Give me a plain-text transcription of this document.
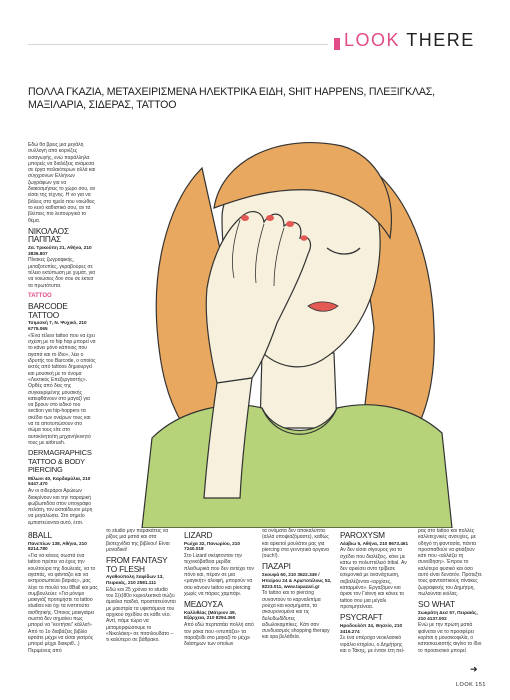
LOOK THERE
ΠΟΛΛΑ ΓΚΑΖΙΑ, ΜΕΤΑΧΕΙΡΙΣΜΕΝΑ ΗΛΕΚΤΡΙΚΑ ΕΙΔΗ, SHIT HAPPENS, ΠΛΕΞΙΓΚΛΑΣ, ΜΑΞΙΛΑΡΙΑ, ΣΙΔΕΡΑΣ, TATTOO

Εδώ θα βρεις μια μεγάλη συλλογή από κορνίζες εισαγωγής, ενώ παράλληλα μπορείς να διαλέξεις ανάμεσα σε έργα παλαιότερων αλλά και σύγχρονων Ελλήνων ζωγράφων για να διακοσμήσεις το χώρο σου, αν είσαι της τέχνης. Η νο για να βάλεις στο ημείο που νοιώθεις το κενό καθιστικό σου, αν τα βλέπεις πιο λειτουργικά το θέμα.

ΝΙΚΟΛΑΟΣ ΠΑΠΠΑΣ
Ζα. Τρικούπη 21, Αθήνα, 210 3836.807

Πίνακες ζωγραφικής, μεταξοτυπίες, γκραβούρες σε τέλειο εκτύπωση με χυμάτ, για να νοιώσεις δον σου σε έκτεσ τα πρωτότυπα.

TATTOO
BARCODE TATTOO
Τσιμισκή 7, Ν. Ψυχικό, 210 6775.065

«Ένα τέλειο tattoo που να έχει σχέση με το hip hop μπορεί να το κάνει μόνο κάποιος που αγαπά και το ίδιο», λέει ο ιδρυτής του Barcode, ο οποίος εκτός από tattoos δημιουργεί και μουσική με το όνομα «Λεκτικός Επεξεργαστής». Ορθές από δεις της συγκεκριμένης μουσικής κατεφθάνουν στο μαγαζί για να βρουν στο ειδικό του section για hip-hoppers τα σκέδιο των ονείρων τους και να τα αποτυπώσουν στο σώμα τους είτε στο αυτοκίνητο/τη μηχανή/κινητό τους με airbrush.

DERMAGRAPHICS TATTOO & BODY PIERCING
Μίλωνι 40, Καρδαμύλια, 210 5447.470

Αν οι σιδεράροι Αρώεων διακρίνουν και την παραμική φωβωπιδόα στον υπογράφο πελάτη, τον εκπαίδευον μέρη να μεγαλώσει. Στο σημείο εμπιστεύονται αυτό, έτσι.

8BALL
Πανεπίων 138, Αθήνα, 210 8214.780

«Για να κάνεις σωστά ένα tattoo πρέπει να έχεις την κουλτούρα της δουλειάς, να το αγαπάς, να φάνταζει και να εκπροσωπεύει βαριάς», μας λέγε το πουλό του 8Ball και μας συμβουλεύει: «Για μόνιμο μακιγιάζ προτιμήστε τα tattoo studios και όχι τα ινστιτούτα αισθητικής. Όποιος μακιγιάρει σωστά δεν σημαίνει πως μπορεί να “κεντήσει” κάλλα!» Από το 1o διαβάζεις βιβλίο εφτιάτε μέχρι να είσαι γιατρός μπορεί μέχρι διακριθ...) Περιμένεις από

το studio μην παρακάτεις να ρίξεις μια ματιά και στα βιοτεχνίδια της βιβλιου! Είναι μοναδικό!

FROM FANTASY TO FLESH
Αγαθούπολη Ξαφίδων 13, Πειραιάς, 210 2581.111

Εδώ και 25 χρόνια το studio του Σ(ε)80ο κυριολεκτικά σώζει άμιαλια παιδιά, προστατεύονται με μαεστρία τα υφιστάμενα του αρχικού σχεδίου σε κάθε νέο. Αντί, πάμε τώρα να μεταμορφώσουμε το «Νικολάκη» σε πιτσιλουδάτο – τι καλύτερο σε βάθρακο.

LIZARD
Ρωίχα 32, Πανωρίου, 210 7240.018

Στο Lizard σκέφτονταν την τεχνικόβαθεια μερίδα πλειθωρικά που δεν αντέχει τον πόνο και, πέραν σε μια «μαγικήτ» αλοιφή, μπορούν να σου κάνουν tattoo και piercing χωρίς να πάρεις χαμπάρι.

ΜΕΔΟΥΣΑ
Καλλιθέας (Μάτριον 49, Εξάρχεια, 210 8294.360

Από εδώ περπατάει πολλή από τον ρόκα που «ντυπάζει» τα παραξείδι στο μαγαζί το μέχρι διάσημων των οποίων

τα ονόματα δεν αποκαλύπτει (αλλά υποψιαζόμαστε), καθώς και αρκετοί μουλάτοι μας για piercing στα γεννητικά όργανα (ouch!).

ΠΑΖΑΡΙ
Σκουφά 60, 210 3622.349 / Ηπείρου 24 & Αριστοτέλους 52, 8223.011, www.tapazari.gr

To tattoo και το piercing συναντούν το καρναλιπίμα ρούχα και κοσμήματα, τα σκουρονομένα και τις δυλυδωδίδυτες ειδωλοκαμπίκες. Κάτι σαν συνδυασμός shopping therapy και spa βελάθεία.

PAROXYSM
Λέαβιω 5, Αθήνα, 210 8673.461

Αν δεν είσαι σίγουρος για το σχέδιο που διαλέξεις, κάνε με κάτω το πολυπτέλειό tribal. Αν δεν αρκέσει αντο τρίβεσε εσεμονικά με ανανάχτωση, σεβαλέζονται «αρχίσες, καταρμένο». Εργαζόμεν και άρισε τον Γιάννη και κάνεε το tattoo σου μια μέγαλι προτιμητείνεια.

PSYCRAFT
Ηροδουλόπ 34, Θησείο, 210 3416.274

Σε ένα υπέροχα νεοκλασικό νιράλιο κτηρίου, ο Δημήτρης και ο Τάκης, με ένταν έτη πεί-

ρας στο tattoo και πολλές καλλιτεχνικές ανσυχίες, με οδηγό τη φαντασία, πάντα προσπαθούν να φτιάξουν κάτι που «αλλάζει τη συνείδηση». Έπρου το καλύτερο φυσικό και όσο αυτό είναι δυνατόν. Πρότεξτε τους φανταστικούς πίνακες ζωγραφικής του Δημήτρη, πωλούνται κιόλας.

SO WHAT
Σωκράτη Δεσ 57, Πειραιάς, 210 4137.002

Ενώ με την πρώτη ματιά φαίνεται να το προσφέρει κορίτσι η μουσικοφιλία, ο κατασκευαστής αιγίνο το ίδιο το προσεκτικό μπορεί

➜
LOOK 151
